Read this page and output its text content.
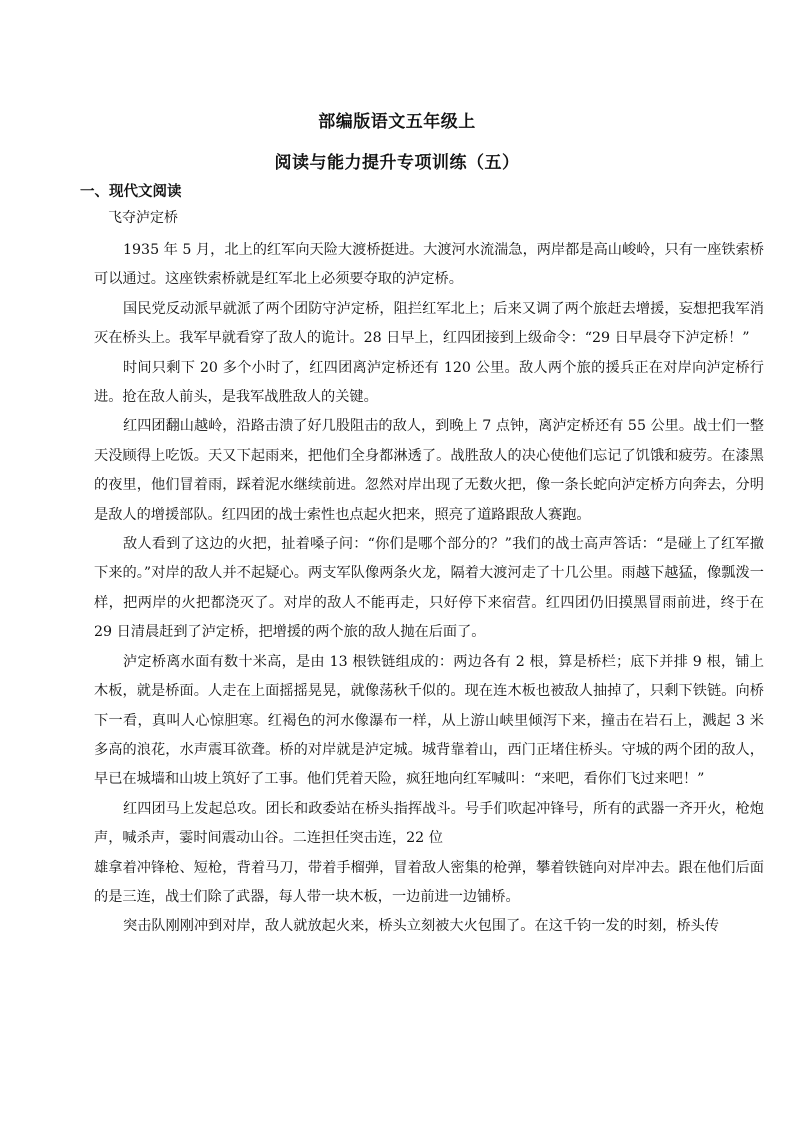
部编版语文五年级上
阅读与能力提升专项训练（五）
一、现代文阅读
飞夺泸定桥

1935 年 5 月，北上的红军向天险大渡桥挺进。大渡河水流湍急，两岸都是高山峻岭，只有一座铁索桥可以通过。这座铁索桥就是红军北上必须要夺取的泸定桥。

国民党反动派早就派了两个团防守泸定桥，阻拦红军北上；后来又调了两个旅赶去增援，妄想把我军消灭在桥头上。我军早就看穿了敌人的诡计。28 日早上，红四团接到上级命令：“29 日早晨夺下泸定桥！”

时间只剩下 20 多个小时了，红四团离泸定桥还有 120 公里。敌人两个旅的援兵正在对岸向泸定桥行进。抢在敌人前头，是我军战胜敌人的关键。

红四团翻山越岭，沿路击溃了好几股阻击的敌人，到晚上 7 点钟，离泸定桥还有 55 公里。战士们一整天没顾得上吃饭。天又下起雨来，把他们全身都淋透了。战胜敌人的决心使他们忘记了饥饿和疲劳。在漆黑的夜里，他们冒着雨，踩着泥水继续前进。忽然对岸出现了无数火把，像一条长蛇向泸定桥方向奔去，分明是敌人的增援部队。红四团的战士索性也点起火把来，照亮了道路跟敌人赛跑。

敌人看到了这边的火把，扯着嗓子问：“你们是哪个部分的？”我们的战士高声答话：“是碰上了红军撤下来的。”对岸的敌人并不起疑心。两支军队像两条火龙，隔着大渡河走了十几公里。雨越下越猛，像瓢泼一样，把两岸的火把都浇灭了。对岸的敌人不能再走，只好停下来宿营。红四团仍旧摸黑冒雨前进，终于在 29 日清晨赶到了泸定桥，把增援的两个旅的敌人抛在后面了。

泸定桥离水面有数十米高，是由 13 根铁链组成的：两边各有 2 根，算是桥栏；底下并排 9 根，铺上木板，就是桥面。人走在上面摇摇晃晃，就像荡秋千似的。现在连木板也被敌人抽掉了，只剩下铁链。向桥下一看，真叫人心惊胆寒。红褐色的河水像瀑布一样，从上游山峡里倾泻下来，撞击在岩石上，溅起 3 米多高的浪花，水声震耳欲聋。桥的对岸就是泸定城。城背靠着山，西门正堵住桥头。守城的两个团的敌人，早已在城墙和山坡上筑好了工事。他们凭着天险，疯狂地向红军喊叫：“来吧，看你们飞过来吧！”

红四团马上发起总攻。团长和政委站在桥头指挥战斗。号手们吹起冲锋号，所有的武器一齐开火，枪炮声，喊杀声，霎时间震动山谷。二连担任突击连，22 位

雄拿着冲锋枪、短枪，背着马刀，带着手榴弹，冒着敌人密集的枪弹，攀着铁链向对岸冲去。跟在他们后面的是三连，战士们除了武器，每人带一块木板，一边前进一边铺桥。

突击队刚刚冲到对岸，敌人就放起火来，桥头立刻被大火包围了。在这千钧一发的时刻，桥头传
